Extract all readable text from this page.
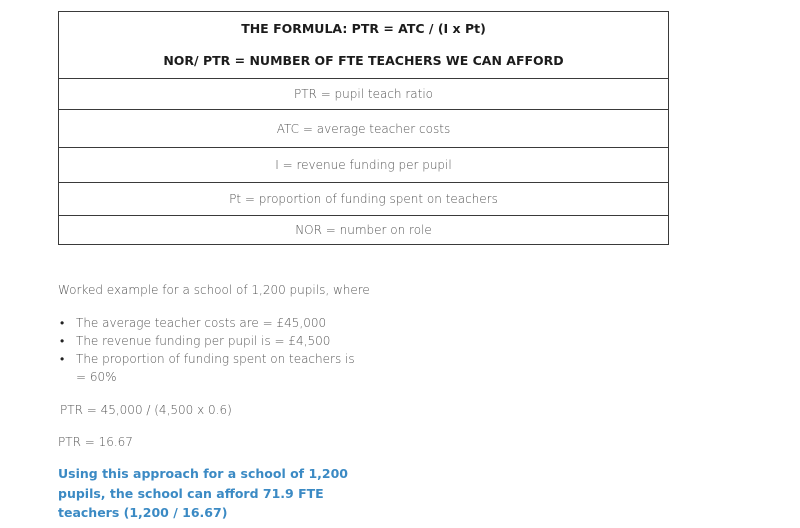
THE FORMULA: PTR = ATC / (I x Pt)
NOR/ PTR = NUMBER OF FTE TEACHERS WE CAN AFFORD

PTR = pupil teach ratio
ATC = average teacher costs
I = revenue funding per pupil
Pt = proportion of funding spent on teachers
NOR = number on role
Worked example for a school of 1,200 pupils, where
• The average teacher costs are = £45,000
• The revenue funding per pupil is = £4,500
• The proportion of funding spent on teachers is = 60%
PTR = 45,000 / (4,500 x 0.6)
PTR = 16.67
Using this approach for a school of 1,200 pupils, the school can afford 71.9 FTE teachers (1,200 / 16.67)
